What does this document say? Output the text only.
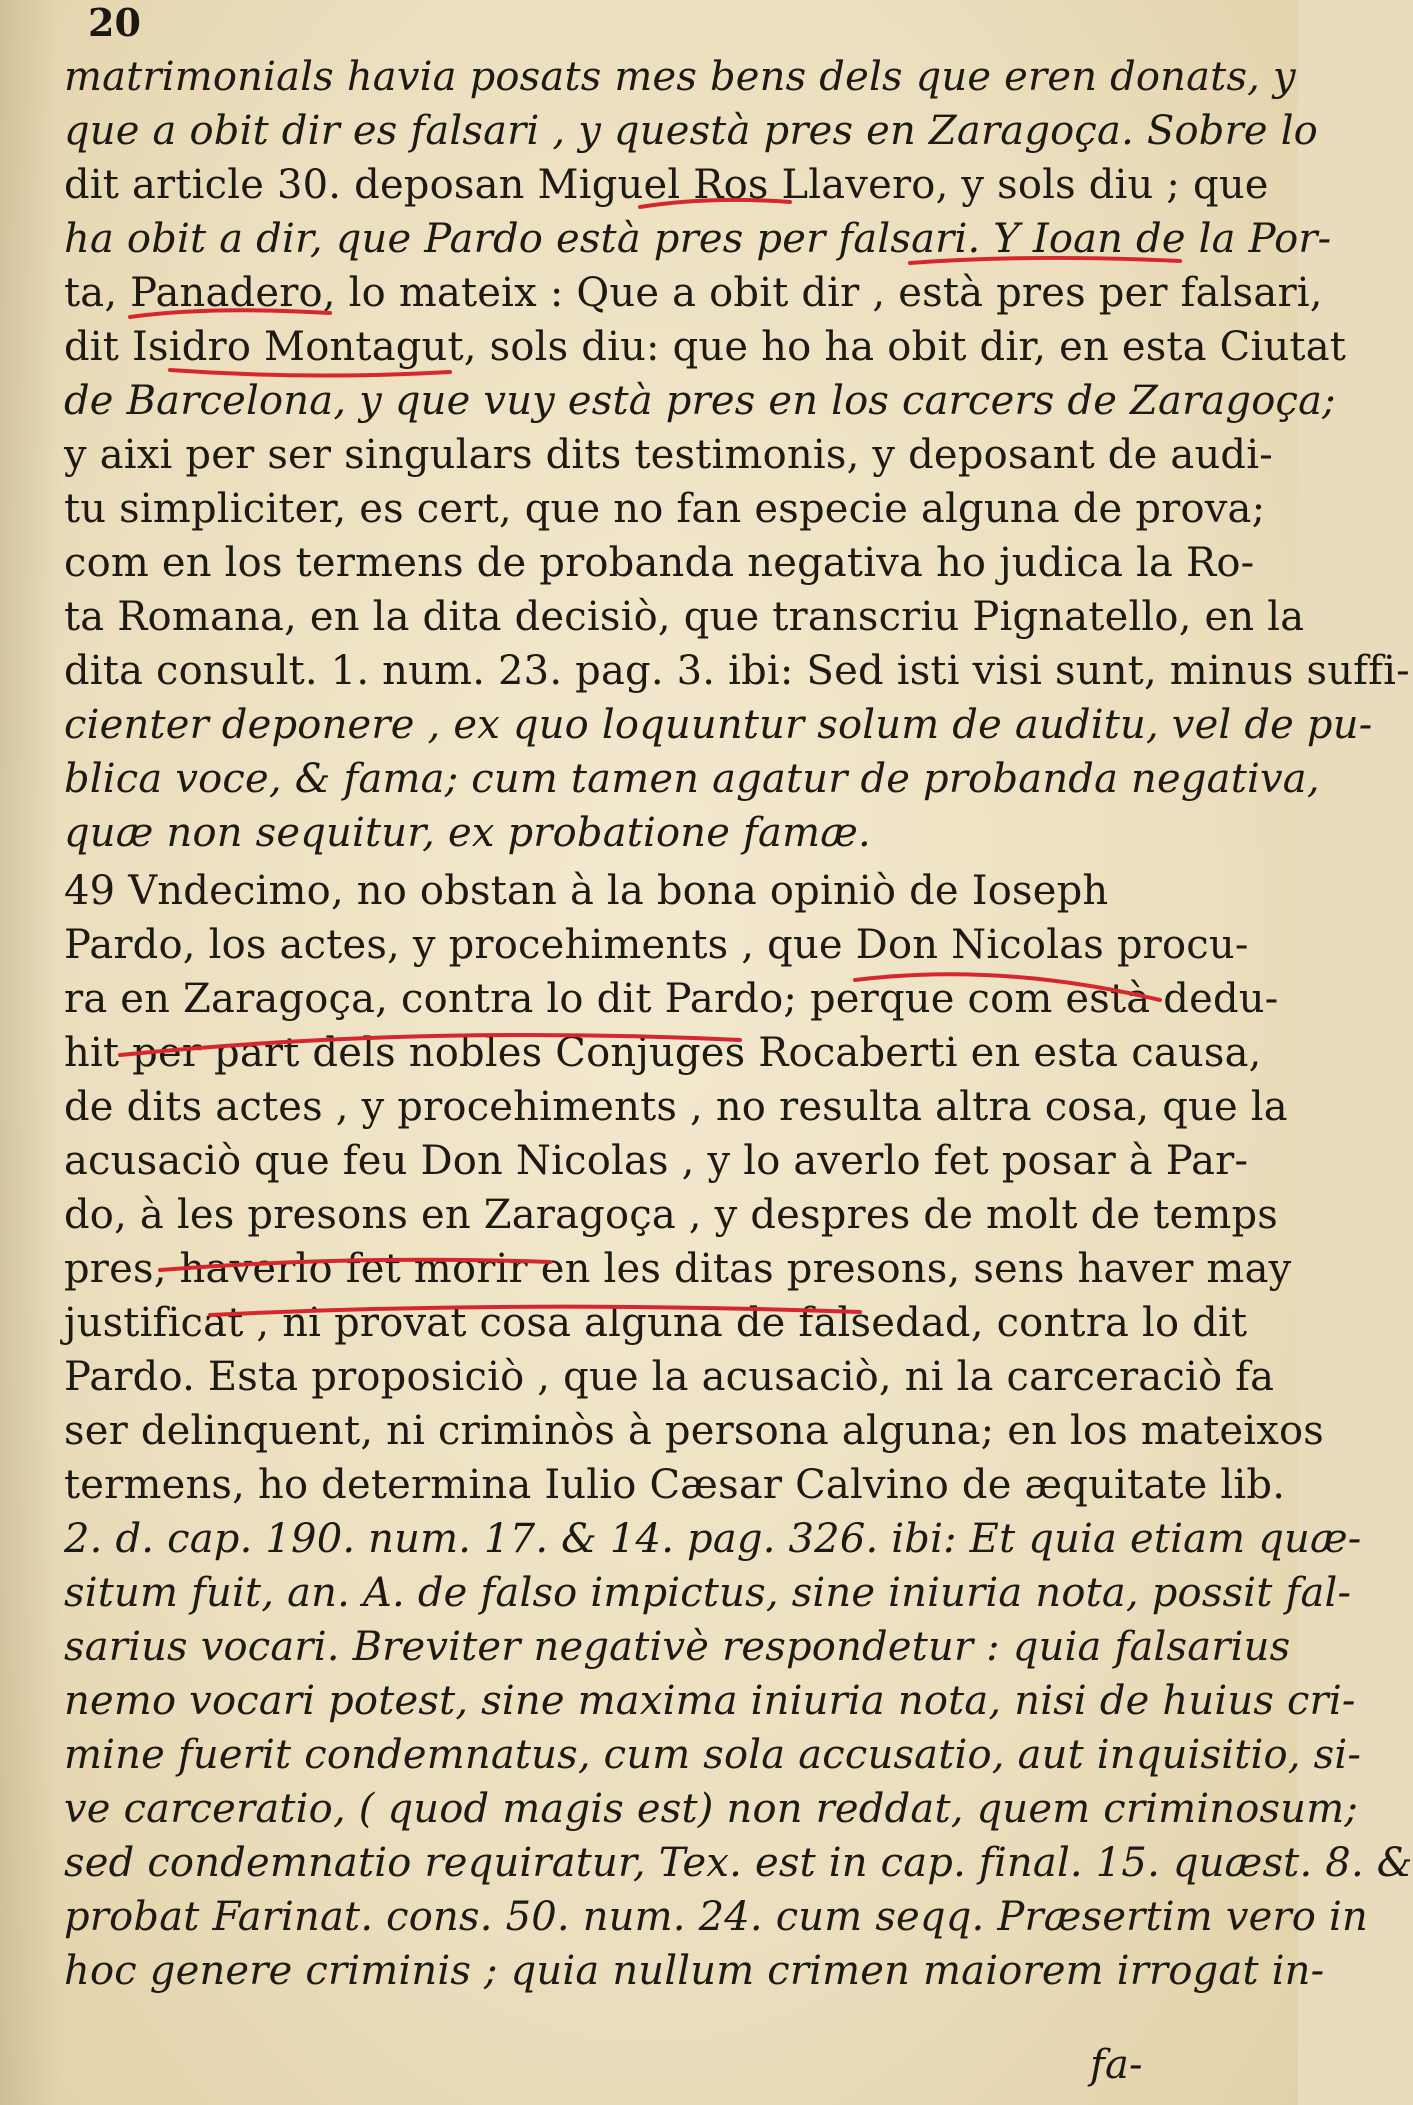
20
matrimonials havia posats mes bens dels que eren donats, y
que a obit dir es falsari , y questà pres en Zaragoça. Sobre lo
dit article 30. deposan Miguel Ros Llavero, y sols diu ; que
ha obit a dir, que Pardo està pres per falsari. Y Ioan de la Por-
ta, Panadero, lo mateix : Que a obit dir , està pres per falsari,
dit Isidro Montagut, sols diu: que ho ha obit dir, en esta Ciutat
de Barcelona, y que vuy està pres en los carcers de Zaragoça;
y aixi per ser singulars dits testimonis, y deposant de audi-
tu simpliciter, es cert, que no fan especie alguna de prova;
com en los termens de probanda negativa ho judica la Ro-
ta Romana, en la dita decisiò, que transcriu Pignatello, en la
dita consult. 1. num. 23. pag. 3. ibi: Sed isti visi sunt, minus suffi-
cienter deponere , ex quo loquuntur solum de auditu, vel de pu-
blica voce, & fama; cum tamen agatur de probanda negativa,
quæ non sequitur, ex probatione famæ.
49 Vndecimo, no obstan à la bona opiniò de Ioseph
Pardo, los actes, y procehiments , que Don Nicolas procu-
ra en Zaragoça, contra lo dit Pardo; perque com està dedu-
hit per part dels nobles Conjuges Rocaberti en esta causa,
de dits actes , y procehiments , no resulta altra cosa, que la
acusaciò que feu Don Nicolas , y lo averlo fet posar à Par-
do, à les presons en Zaragoça , y despres de molt de temps
pres, haverlo fet morir en les ditas presons, sens haver may
justificat , ni provat cosa alguna de falsedad, contra lo dit
Pardo. Esta proposiciò , que la acusaciò, ni la carceraciò fa
ser delinquent, ni criminòs à persona alguna; en los mateixos
termens, ho determina Iulio Cæsar Calvino de æquitate lib.
2. d. cap. 190. num. 17. & 14. pag. 326. ibi: Et quia etiam quæ-
situm fuit, an. A. de falso impictus, sine iniuria nota, possit fal-
sarius vocari. Breviter negativè respondetur : quia falsarius
nemo vocari potest, sine maxima iniuria nota, nisi de huius cri-
mine fuerit condemnatus, cum sola accusatio, aut inquisitio, si-
ve carceratio, ( quod magis est) non reddat, quem criminosum;
sed condemnatio requiratur, Tex. est in cap. final. 15. quæst. 8. &
probat Farinat. cons. 50. num. 24. cum seqq. Præsertim vero in
hoc genere criminis ; quia nullum crimen maiorem irrogat in-
fa-
